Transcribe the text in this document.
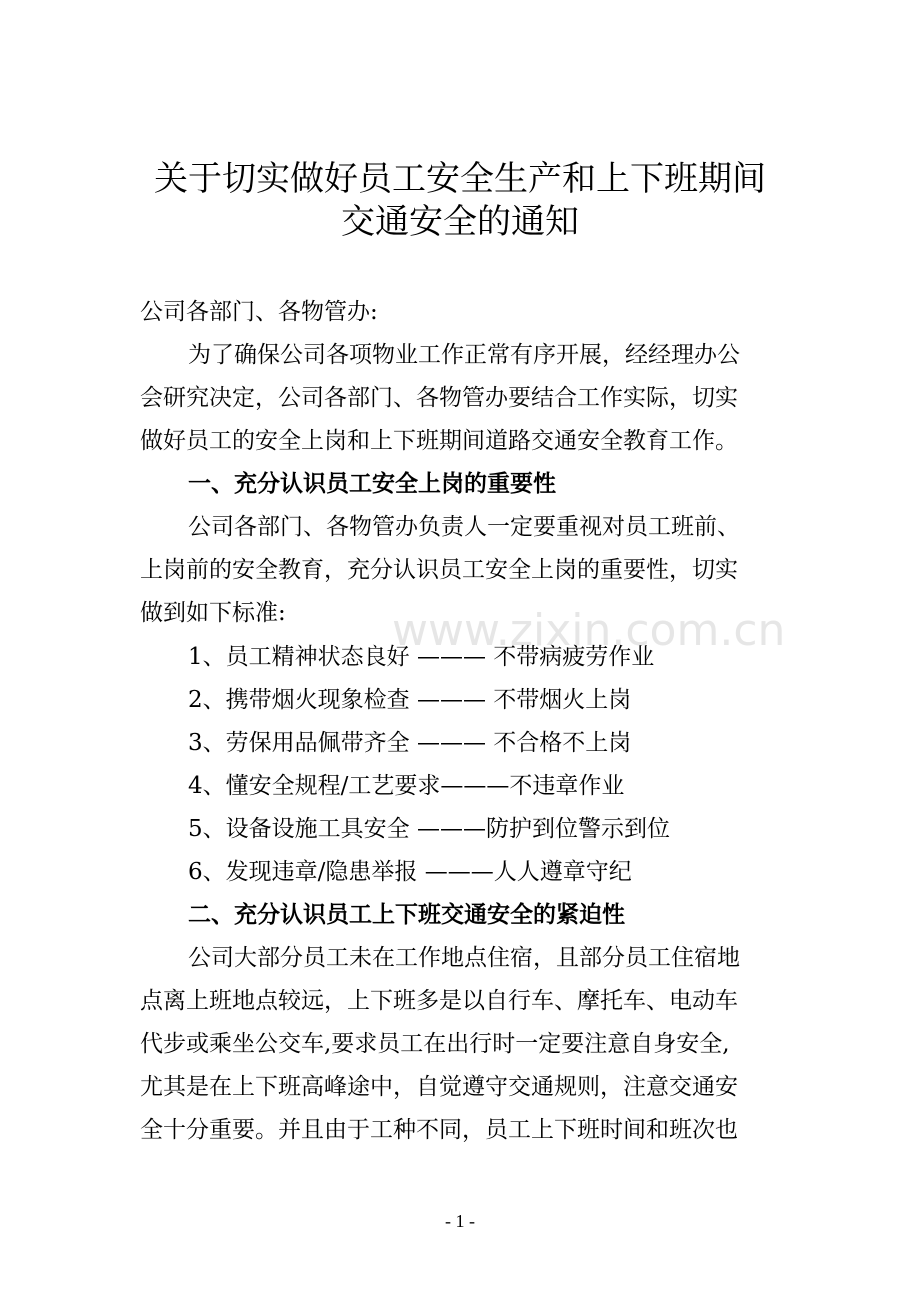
www.zixin.com.cn
关于切实做好员工安全生产和上下班期间
交通安全的通知
公司各部门、各物管办:
为了确保公司各项物业工作正常有序开展，经经理办公
会研究决定，公司各部门、各物管办要结合工作实际，切实
做好员工的安全上岗和上下班期间道路交通安全教育工作。
一、充分认识员工安全上岗的重要性
公司各部门、各物管办负责人一定要重视对员工班前、
上岗前的安全教育，充分认识员工安全上岗的重要性，切实
做到如下标准:
1、员工精神状态良好 ——— 不带病疲劳作业
2、携带烟火现象检查 ——— 不带烟火上岗
3、劳保用品佩带齐全 ——— 不合格不上岗
4、懂安全规程/工艺要求———不违章作业
5、设备设施工具安全 ———防护到位警示到位
6、发现违章/隐患举报 ———人人遵章守纪
二、充分认识员工上下班交通安全的紧迫性
公司大部分员工未在工作地点住宿，且部分员工住宿地
点离上班地点较远，上下班多是以自行车、摩托车、电动车
代步或乘坐公交车,要求员工在出行时一定要注意自身安全,
尤其是在上下班高峰途中，自觉遵守交通规则，注意交通安
全十分重要。并且由于工种不同，员工上下班时间和班次也
- 1 -
